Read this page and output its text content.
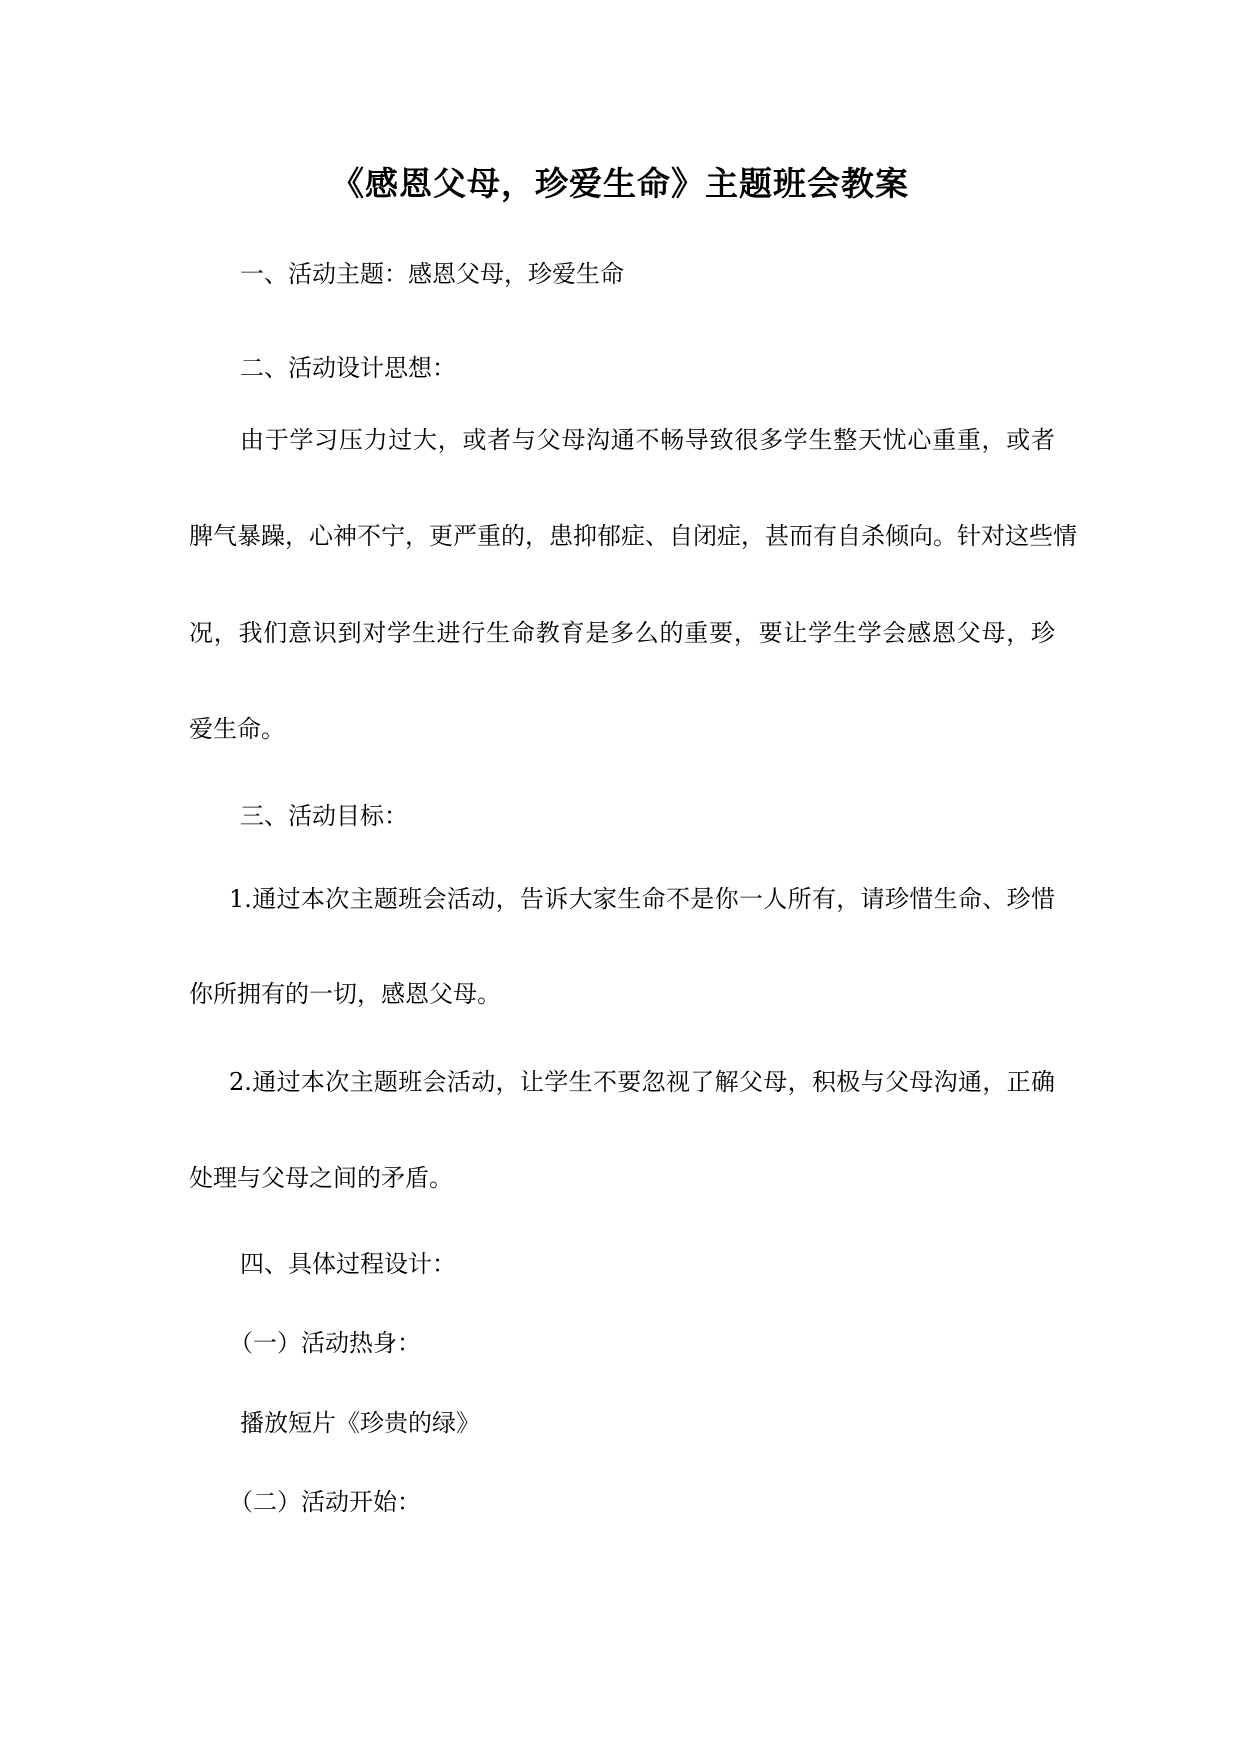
《感恩父母，珍爱生命》主题班会教案
一、活动主题：感恩父母，珍爱生命
二、活动设计思想：
由于学习压力过大，或者与父母沟通不畅导致很多学生整天忧心重重，或者
脾气暴躁，心神不宁，更严重的，患抑郁症、自闭症，甚而有自杀倾向。针对这些情
况，我们意识到对学生进行生命教育是多么的重要，要让学生学会感恩父母，珍
爱生命。
三、活动目标：
1.通过本次主题班会活动，告诉大家生命不是你一人所有，请珍惜生命、珍惜
你所拥有的一切，感恩父母。
2.通过本次主题班会活动，让学生不要忽视了解父母，积极与父母沟通，正确
处理与父母之间的矛盾。
四、具体过程设计：
（一）活动热身：
播放短片《珍贵的绿》
（二）活动开始：
